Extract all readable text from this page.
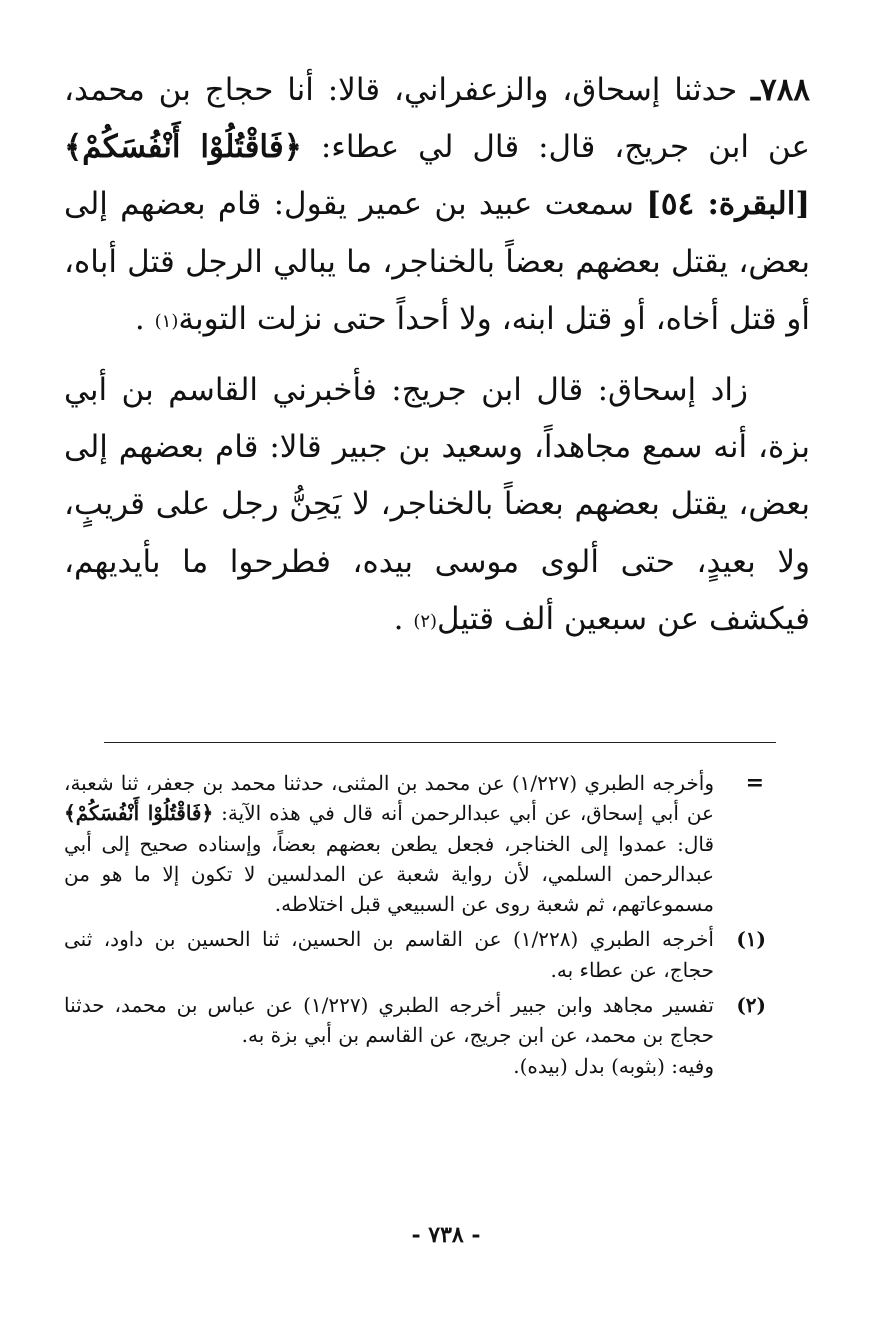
٧٨٨ـ حدثنا إسحاق، والزعفراني، قالا: أنا حجاج بن محمد، عن ابن جريج، قال: قال لي عطاء: ﴿فَاقْتُلُوْا أَنْفُسَكُمْ﴾ [البقرة: ٥٤] سمعت عبيد بن عمير يقول: قام بعضهم إلى بعض، يقتل بعضهم بعضاً بالخناجر، ما يبالي الرجل قتل أباه، أو قتل أخاه، أو قتل ابنه، ولا أحداً حتى نزلت التوبة(١) .
زاد إسحاق: قال ابن جريج: فأخبرني القاسم بن أبي بزة، أنه سمع مجاهداً، وسعيد بن جبير قالا: قام بعضهم إلى بعض، يقتل بعضهم بعضاً بالخناجر، لا يَحِنُّ رجل على قريبٍ، ولا بعيدٍ، حتى ألوى موسى بيده، فطرحوا ما بأيديهم، فيكشف عن سبعين ألف قتيل(٢) .
=
وأخرجه الطبري (١/٢٢٧) عن محمد بن المثنى، حدثنا محمد بن جعفر، ثنا شعبة، عن أبي إسحاق، عن أبي عبدالرحمن أنه قال في هذه الآية: ﴿فَاقْتُلُوْا أَنْفُسَكُمْ﴾ قال: عمدوا إلى الخناجر، فجعل يطعن بعضهم بعضاً، وإسناده صحيح إلى أبي عبدالرحمن السلمي، لأن رواية شعبة عن المدلسين لا تكون إلا ما هو من مسموعاتهم، ثم شعبة روى عن السبيعي قبل اختلاطه.
(١)
أخرجه الطبري (١/٢٢٨) عن القاسم بن الحسين، ثنا الحسين بن داود، ثنى حجاج، عن عطاء به.
(٢)
تفسير مجاهد وابن جبير أخرجه الطبري (١/٢٢٧) عن عباس بن محمد، حدثنا حجاج بن محمد، عن ابن جريج، عن القاسم بن أبي بزة به.
وفيه: (بثوبه) بدل (بيده).
- ٧٣٨ -
